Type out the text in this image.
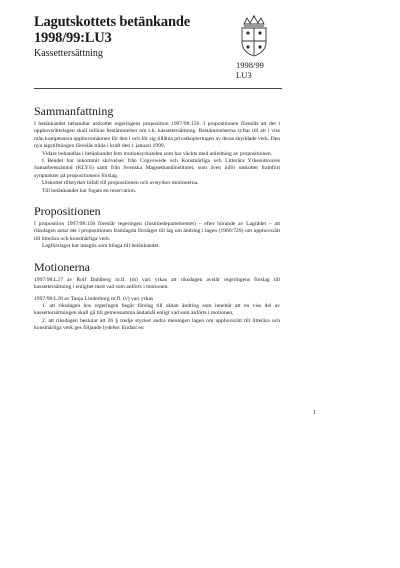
Lagutskottets betänkande
1998/99:LU3
Kassettersättning
1998/99
LU3
Sammanfattning

I betänkandet behandlar utskottet regeringens proposition 1997/98:156. I propositionen föreslås att det i upphovsrättslagen skall införas bestämmelser om s.k. kassettersättning. Bestämmelserna syftar till att i viss mån kompensera upphovsmännen för den i och för sig tillåtna privatkopieringen av deras skyddade verk. Den nya lagstiftningen föreslås träda i kraft den 1 januari 1999.

Vidare behandlas i betänkandet fem motionsyrkanden som har väckts med anledning av propositionen.

I Bendet har inkommit skrivelser från Copyswede och Konstnärliga och Litterära Yrkesutövares Samarbetsnämnd (KLYS) samt från Svenska Magnetbandinstitutet, som även inför utskottet framfört synpunkter på propositionens förslag.

Utskottet tillstyrker bifall till propositionen och avstyrker motionerna.

Till betänkandet har fogats en reservation.

Propositionen

I proposition 1997/98:156 föreslår regeringen (Justitiedepartementet) – efter hörande av Lagrådet – att riksdagen antar det i propositionen framlagda förslaget till lag om ändring i lagen (1960:729) om upphovsrätt till litterära och konstnärliga verk.

Lagförslaget har intagits som bilaga till betänkandet.

Motionerna

1997/98:L27 av Rolf Dahlberg m.fl. (m) vari yrkas att riksdagen avslår regeringens förslag till kassettersättning i enlighet med vad som anförts i motionen.

1997/98:L28 av Tanja Linderborg m.fl. (v) vari yrkas

1. att riksdagen hos regeringen begär förslag till sådan ändring som innebär att en viss del av kassettersättningen skall gå till gemensamma ändamål enligt vad som anförts i motionen,

2. att riksdagen beslutar att 26 § tredje stycket andra meningen lagen om upphovsrätt till litterära och konstnärliga verk ges följande lydelse: Endast en

1
